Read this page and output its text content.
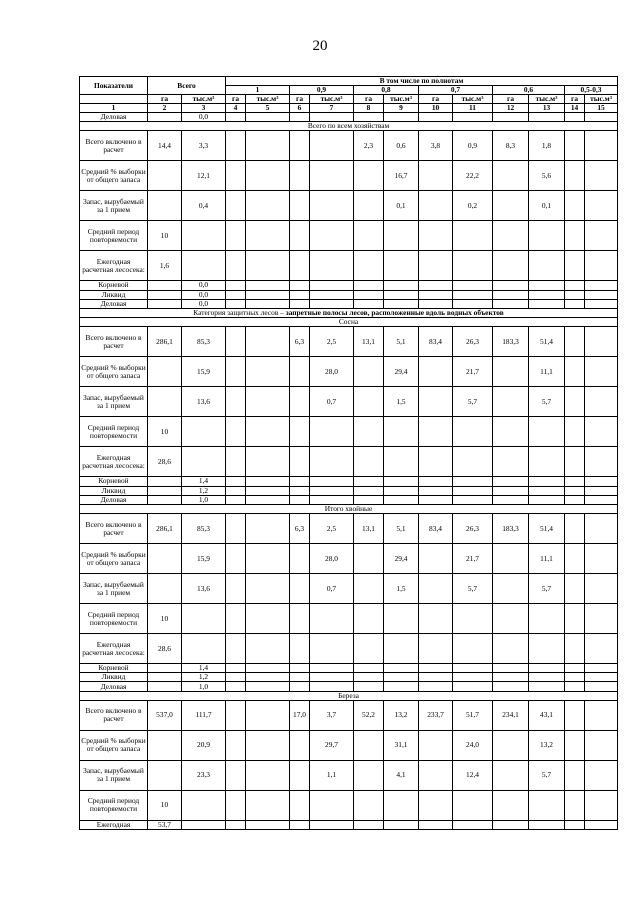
20
Показатели	Всего		В том числе по полнотам											
			1		0,9		0,8		0,7		0,6		0,5-0,3	
	га	тыс.м³	га	тыс.м³	га	тыс.м³	га	тыс.м³	га	тыс.м³	га	тыс.м³	га	тыс.м³
1	2	3	4	5	6	7	8	9	10	11	12	13	14	15
Деловая		0,0												
Всего по всем хозяйствам														
Всего включено в расчет	14,4	3,3					2,3	0,6	3,8	0,9	8,3	1,8		
Средний % выборки от общего запаса		12,1						16,7		22,2		5,6		
Запас, вырубаемый за 1 прием		0,4						0,1		0,2		0,1		
Средний период повторяемости	10													
Ежегодная расчетная лесосека:	1,6													
Корневой		0,0												
Ликвид		0,0												
Деловая		0,0												
Категория защитных лесов – запретные полосы лесов, расположенные вдоль водных объектов														
Сосна														
Всего включено в расчет	286,1	85,3			6,3	2,5	13,1	5,1	83,4	26,3	183,3	51,4		
Средний % выборки от общего запаса		15,9				28,0		29,4		21,7		11,1		
Запас, вырубаемый за 1 прием		13,6				0,7		1,5		5,7		5,7		
Средний период повторяемости	10													
Ежегодная расчетная лесосека:	28,6													
Корневой		1,4												
Ликвид		1,2												
Деловая		1,0												
Итого хвойные														
Всего включено в расчет	286,1	85,3			6,3	2,5	13,1	5,1	83,4	26,3	183,3	51,4		
Средний % выборки от общего запаса		15,9				28,0		29,4		21,7		11,1		
Запас, вырубаемый за 1 прием		13,6				0,7		1,5		5,7		5,7		
Средний период повторяемости	10													
Ежегодная расчетная лесосека:	28,6													
Корневой		1,4												
Ликвид		1,2												
Деловая		1,0												
Береза														
Всего включено в расчет	537,0	111,7			17,0	3,7	52,2	13,2	233,7	51,7	234,1	43,1		
Средний % выборки от общего запаса		20,9				29,7		31,1		24,0		13,2		
Запас, вырубаемый за 1 прием		23,3				1,1		4,1		12,4		5,7		
Средний период повторяемости	10													
Ежегодная	53,7													
